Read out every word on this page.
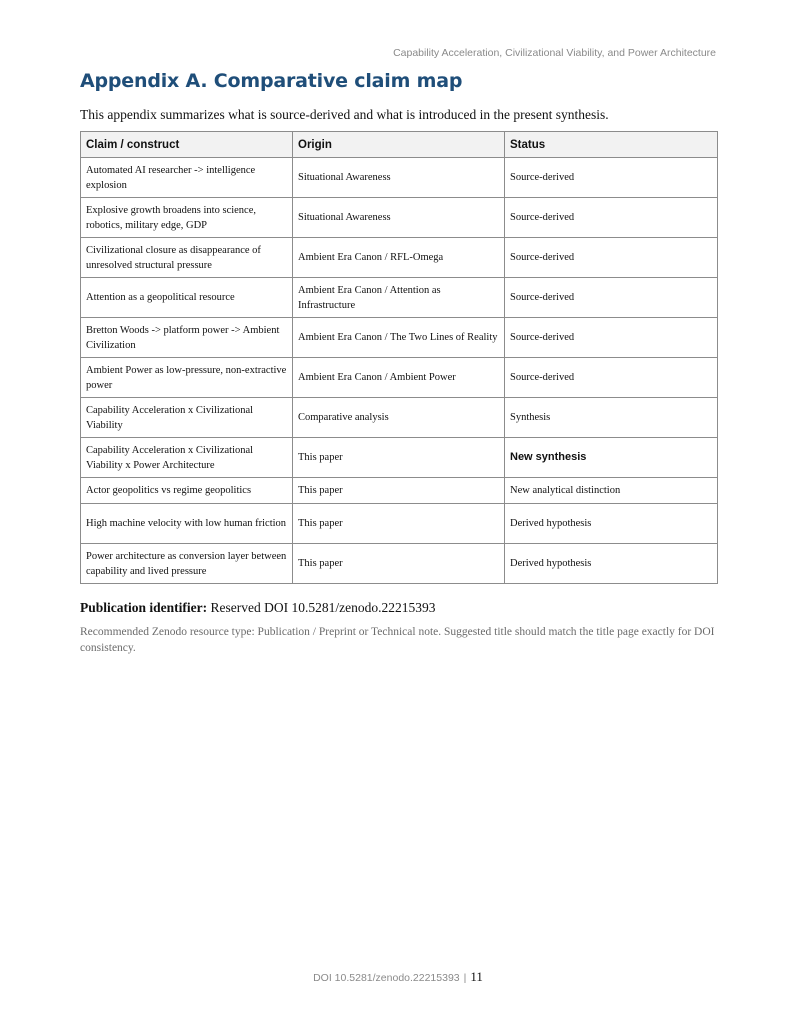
Capability Acceleration, Civilizational Viability, and Power Architecture
Appendix A. Comparative claim map

This appendix summarizes what is source-derived and what is introduced in the present synthesis.

Claim / construct	Origin	Status
Automated AI researcher -> intelligence explosion	Situational Awareness	Source-derived
Explosive growth broadens into science, robotics, military edge, GDP	Situational Awareness	Source-derived
Civilizational closure as disappearance of unresolved structural pressure	Ambient Era Canon / RFL-Omega	Source-derived
Attention as a geopolitical resource	Ambient Era Canon / Attention as Infrastructure	Source-derived
Bretton Woods -> platform power -> Ambient Civilization	Ambient Era Canon / The Two Lines of Reality	Source-derived
Ambient Power as low-pressure, non-extractive power	Ambient Era Canon / Ambient Power	Source-derived
Capability Acceleration x Civilizational Viability	Comparative analysis	Synthesis
Capability Acceleration x Civilizational Viability x Power Architecture	This paper	New synthesis
Actor geopolitics vs regime geopolitics	This paper	New analytical distinction
High machine velocity with low human friction	This paper	Derived hypothesis
Power architecture as conversion layer between capability and lived pressure	This paper	Derived hypothesis

Publication identifier: Reserved DOI 10.5281/zenodo.22215393

Recommended Zenodo resource type: Publication / Preprint or Technical note. Suggested title should match the title page exactly for DOI consistency.

DOI 10.5281/zenodo.22215393 | 11
